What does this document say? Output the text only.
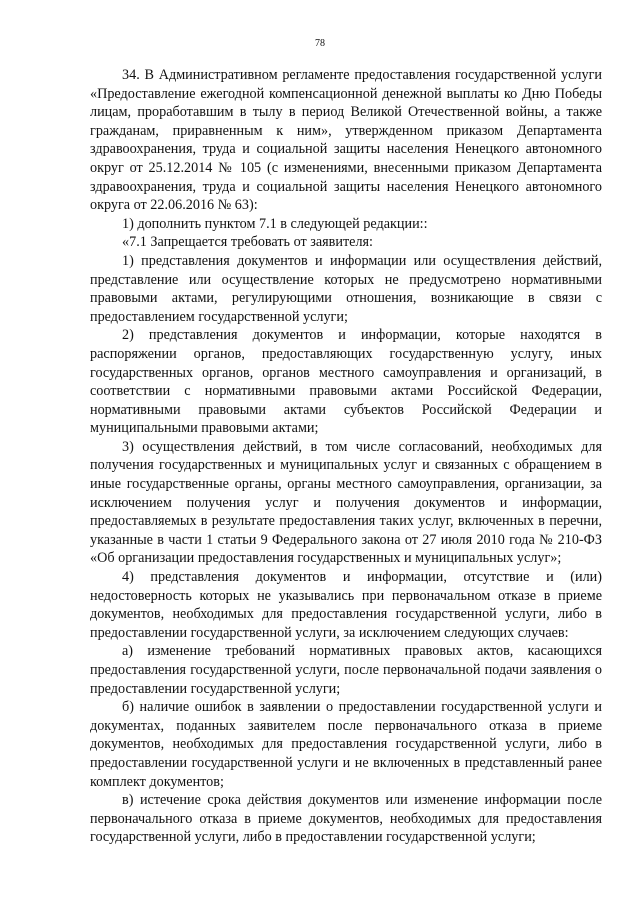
78

34. В Административном регламенте предоставления государственной услуги «Предоставление ежегодной компенсационной денежной выплаты ко Дню Победы лицам, проработавшим в тылу в период Великой Отечественной войны, а также гражданам, приравненным к ним», утвержденном приказом Департамента здравоохранения, труда и социальной защиты населения Ненецкого автономного округ от 25.12.2014 № 105 (с изменениями, внесенными приказом Департамента здравоохранения, труда и социальной защиты населения Ненецкого автономного округа от 22.06.2016 № 63):

1) дополнить пунктом 7.1 в следующей редакции::

«7.1 Запрещается требовать от заявителя:

1) представления документов и информации или осуществления действий, представление или осуществление которых не предусмотрено нормативными правовыми актами, регулирующими отношения, возникающие в связи с предоставлением государственной услуги;

2) представления документов и информации, которые находятся в распоряжении органов, предоставляющих государственную услугу, иных государственных органов, органов местного самоуправления и организаций, в соответствии с нормативными правовыми актами Российской Федерации, нормативными правовыми актами субъектов Российской Федерации и муниципальными правовыми актами;

3) осуществления действий, в том числе согласований, необходимых для получения государственных и муниципальных услуг и связанных с обращением в иные государственные органы, органы местного самоуправления, организации, за исключением получения услуг и получения документов и информации, предоставляемых в результате предоставления таких услуг, включенных в перечни, указанные в части 1 статьи 9 Федерального закона от 27 июля 2010 года № 210-ФЗ «Об организации предоставления государственных и муниципальных услуг»;

4) представления документов и информации, отсутствие и (или) недостоверность которых не указывались при первоначальном отказе в приеме документов, необходимых для предоставления государственной услуги, либо в предоставлении государственной услуги, за исключением следующих случаев:

а) изменение требований нормативных правовых актов, касающихся предоставления государственной услуги, после первоначальной подачи заявления о предоставлении государственной услуги;

б) наличие ошибок в заявлении о предоставлении государственной услуги и документах, поданных заявителем после первоначального отказа в приеме документов, необходимых для предоставления государственной услуги, либо в предоставлении государственной услуги и не включенных в представленный ранее комплект документов;

в) истечение срока действия документов или изменение информации после первоначального отказа в приеме документов, необходимых для предоставления государственной услуги, либо в предоставлении государственной услуги;
